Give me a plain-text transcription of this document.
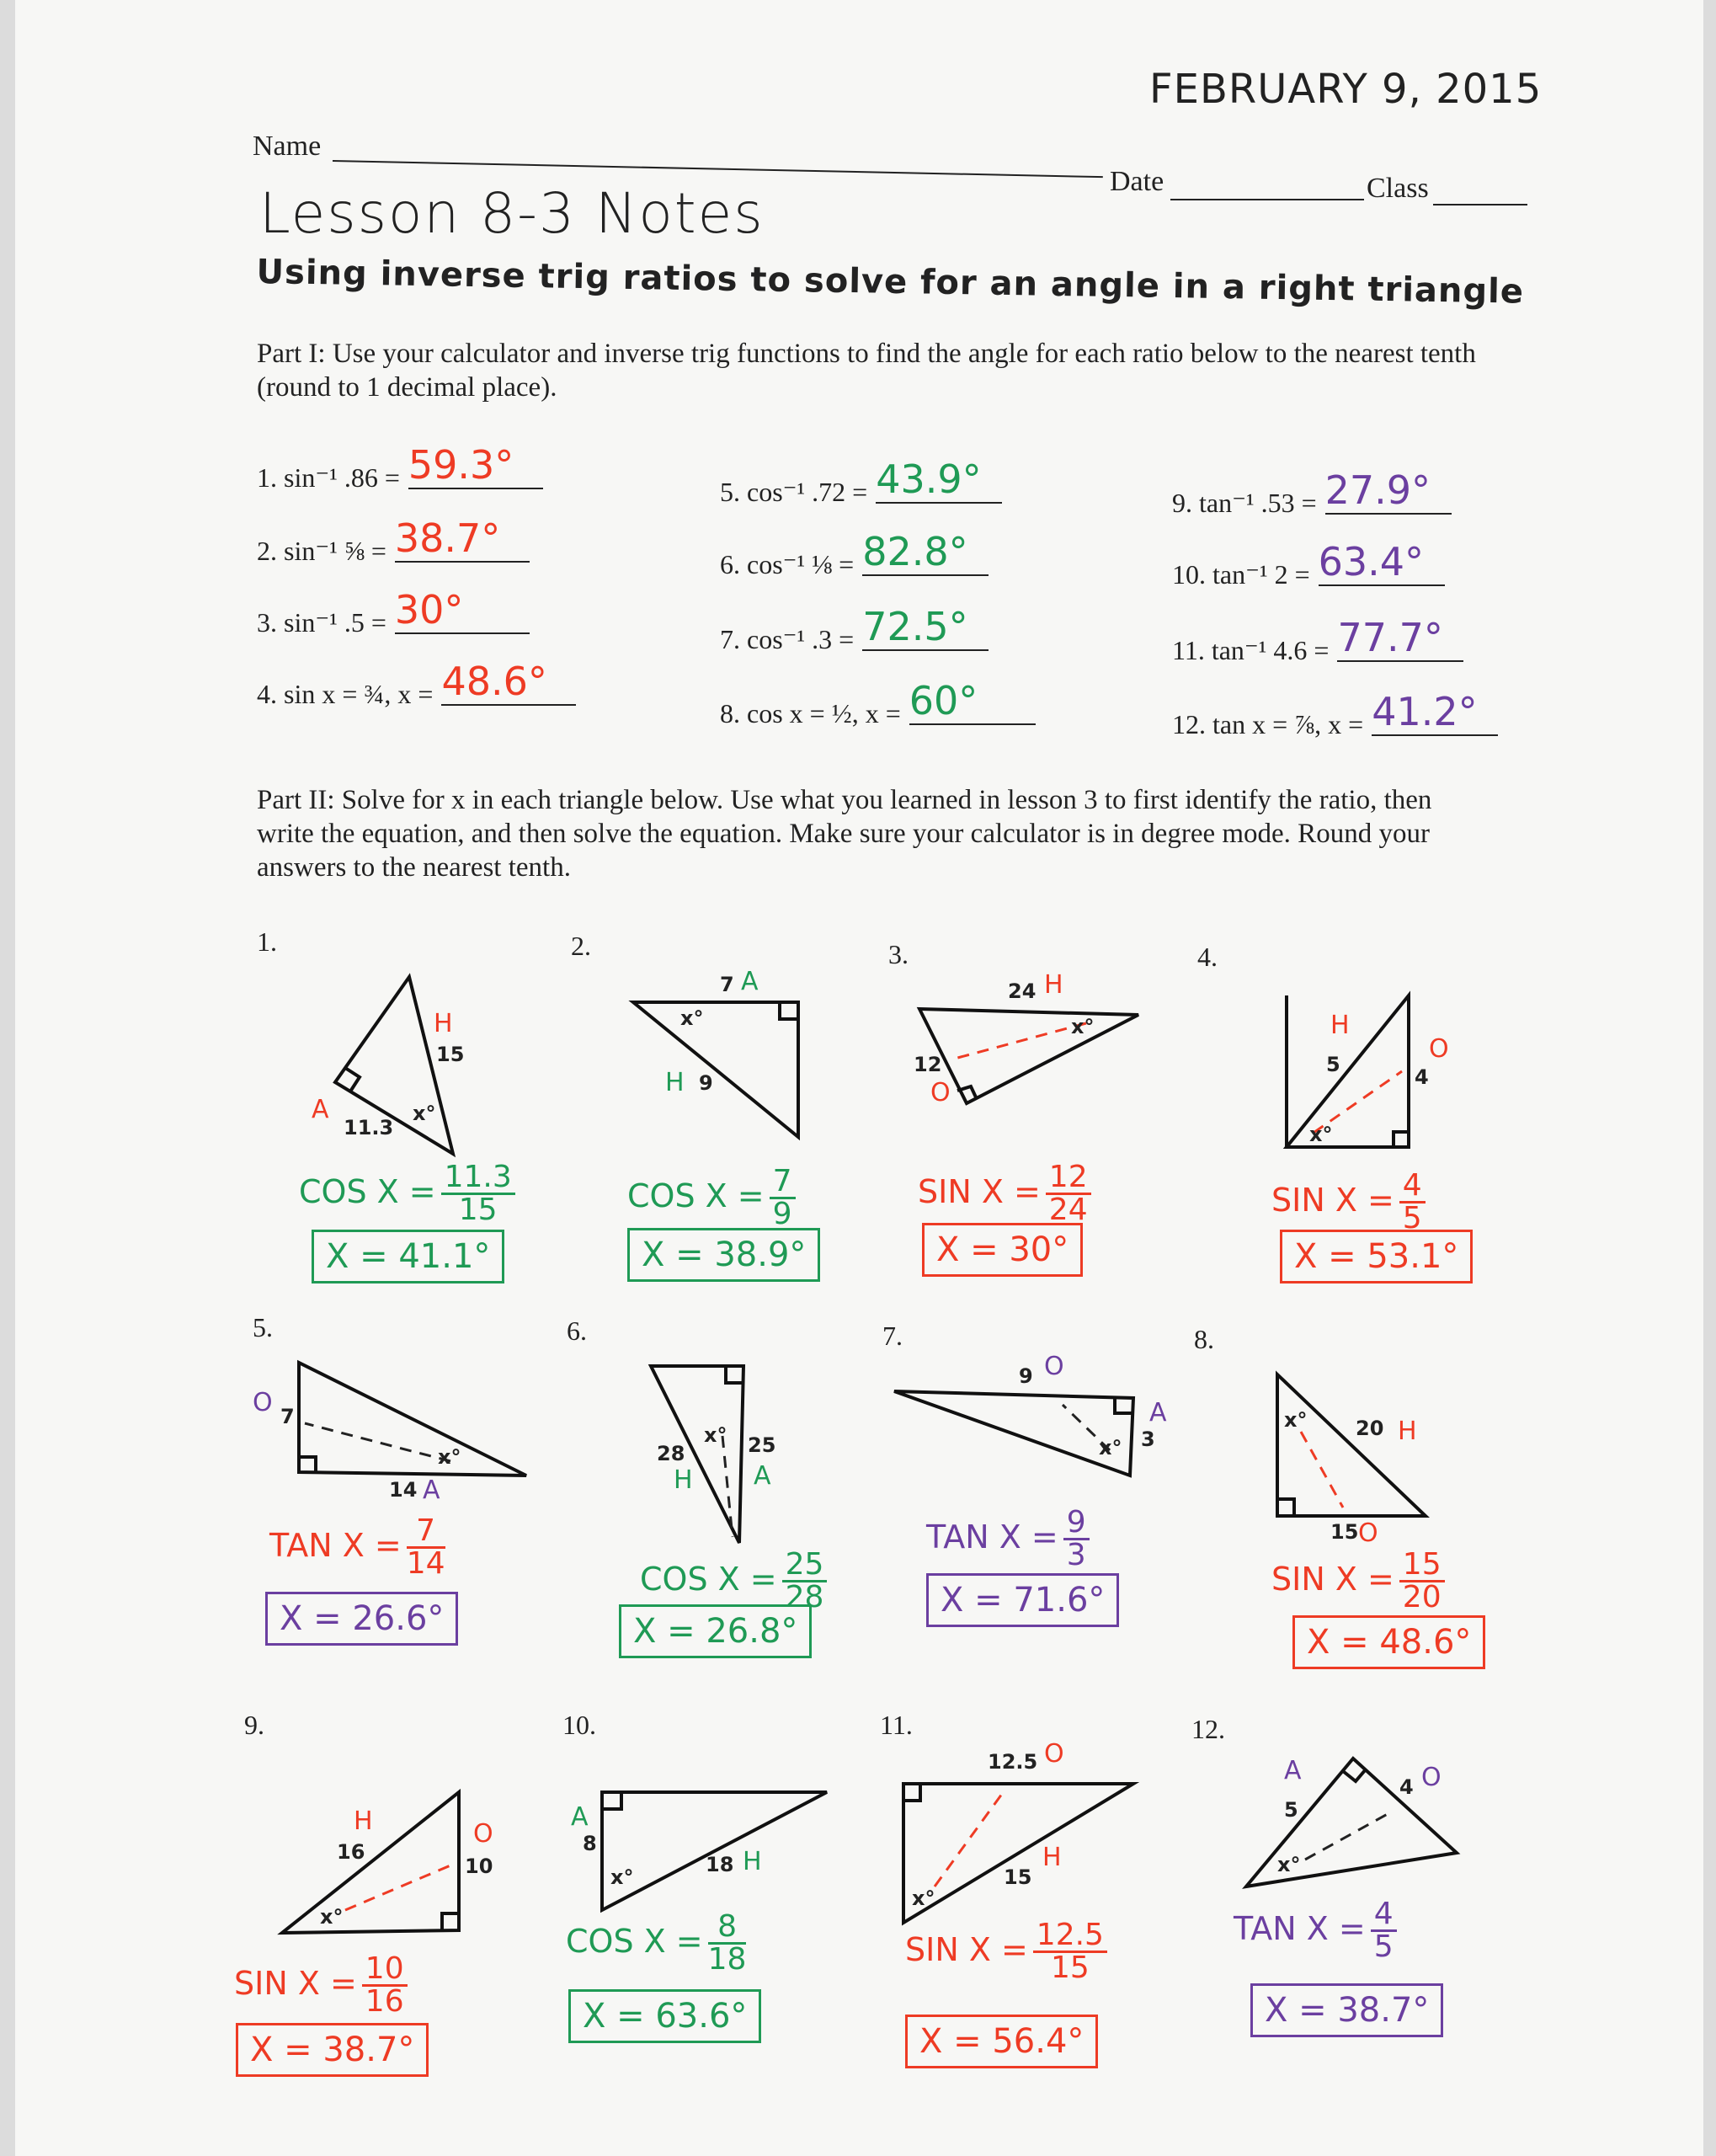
FEBRUARY 9, 2015
Name
Date	Class
Lesson 8-3 Notes
Using inverse trig ratios to solve for an angle in a right triangle
Part I: Use your calculator and inverse trig functions to find the angle for each ratio below to the nearest tenth (round to 1 decimal place).
1. sin⁻¹ .86 = 59.3°
2. sin⁻¹ ⅝ = 38.7°
3. sin⁻¹ .5 = 30°
4. sin x = ¾, x = 48.6°
5. cos⁻¹ .72 = 43.9°
6. cos⁻¹ ⅛ = 82.8°
7. cos⁻¹ .3 = 72.5°
8. cos x = ½, x = 60°
9. tan⁻¹ .53 = 27.9°
10. tan⁻¹ 2 = 63.4°
11. tan⁻¹ 4.6 = 77.7°
12. tan x = ⅞, x = 41.2°
Part II: Solve for x in each triangle below. Use what you learned in lesson 3 to first identify the ratio, then write the equation, and then solve the equation. Make sure your calculator is in degree mode. Round your answers to the nearest tenth.
1.
H
15
A
11.3
x°
COS $X = \frac{11.3}{15}$
X = 41.1°
2.
7 A
H 9
x°
COS $X = \frac{7}{9}$
X = 38.9°
3.
24 H
12
O
x°
SIN $X = \frac{12}{24}$
X = 30°
4.
H
5
O
4
x°
SIN $X = \frac{4}{5}$
X = 53.1°
5.
O 7
14 A
x°
TAN $X = \frac{7}{14}$
X = 26.6°
6.
28
H
25
A
x°
COS $X = \frac{25}{28}$
X = 26.8°
7.
9 O
A
3
x°
TAN $X = \frac{9}{3}$
X = 71.6°
8.
20 H
15 O
x°
SIN $X = \frac{15}{20}$
X = 48.6°
9.
H
16
O
10
x°
SIN $X = \frac{10}{16}$
X = 38.7°
10.
A
8
18 H
x°
COS $X = \frac{8}{18}$
X = 63.6°
11.
12.5 O
15
H
x°
SIN $X = \frac{12.5}{15}$
X = 56.4°
12.
A
5
4 O
x°
TAN $X = \frac{4}{5}$
X = 38.7°
